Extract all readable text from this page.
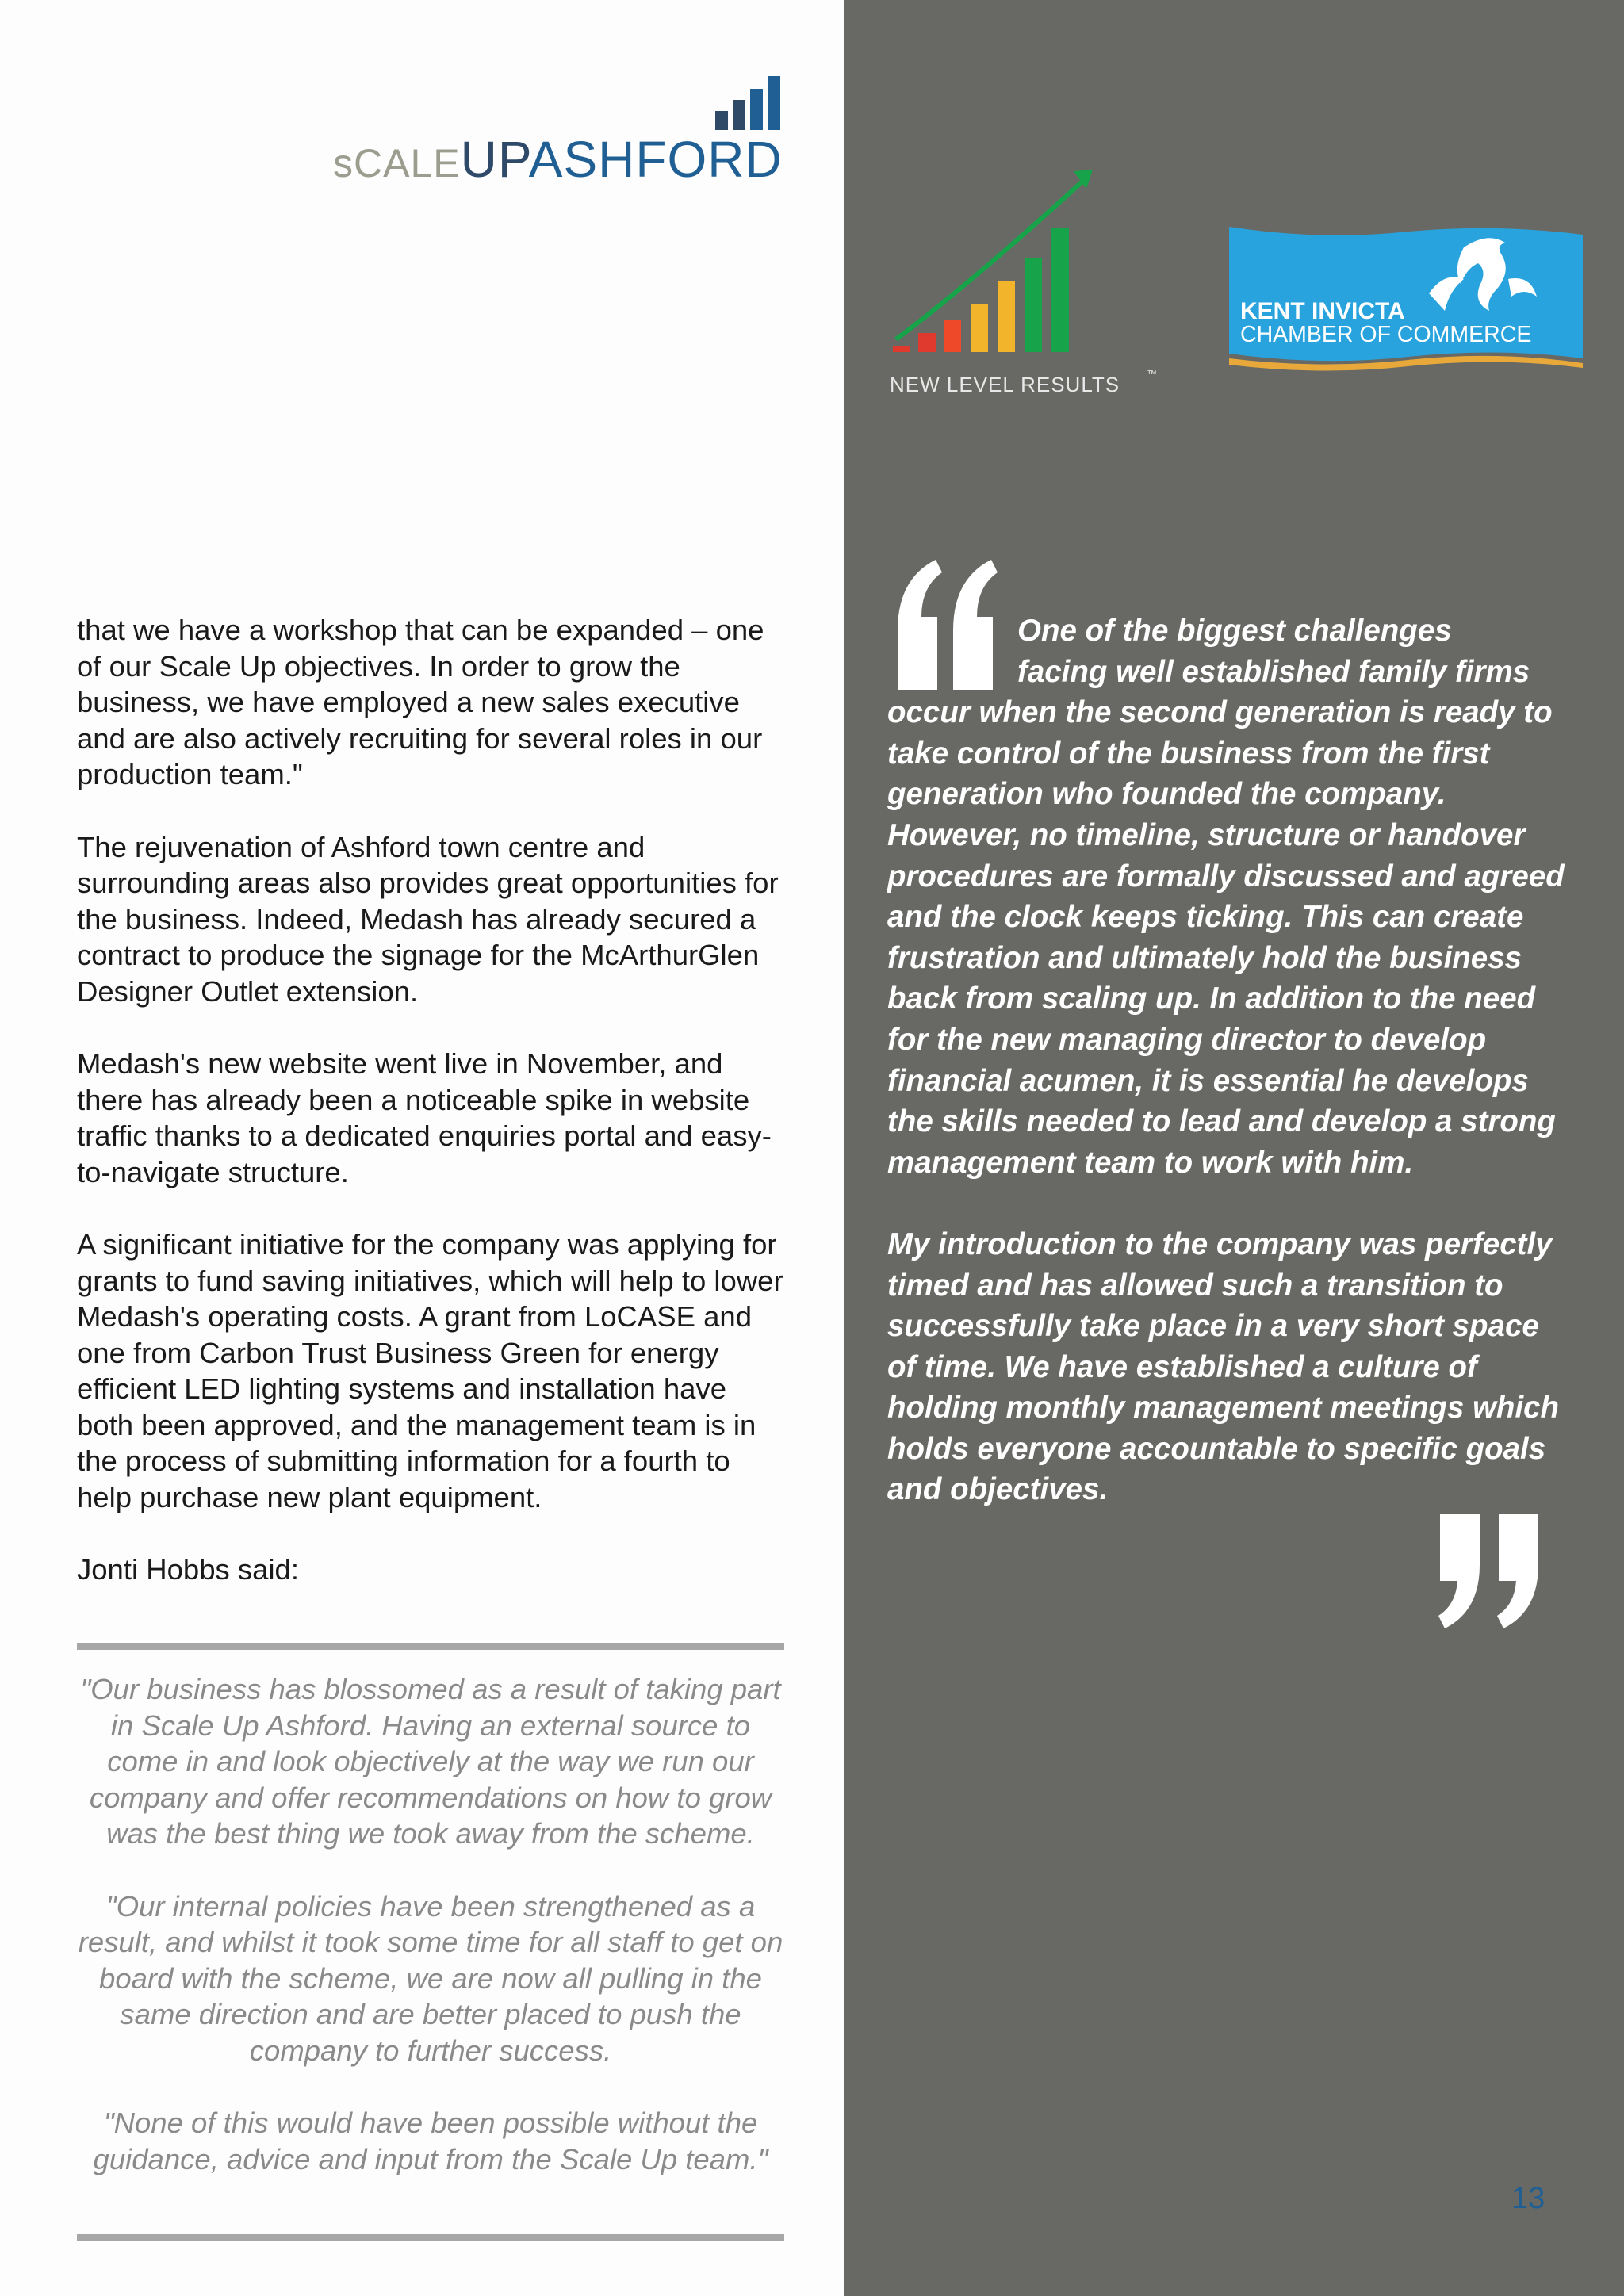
sCALEUPASHFORD

that we have a workshop that can be expanded – one of our Scale Up objectives. In order to grow the business, we have employed a new sales executive and are also actively recruiting for several roles in our production team."

The rejuvenation of Ashford town centre and surrounding areas also provides great opportunities for the business. Indeed, Medash has already secured a contract to produce the signage for the McArthurGlen Designer Outlet extension.

Medash's new website went live in November, and there has already been a noticeable spike in website traffic thanks to a dedicated enquiries portal and easy-to-navigate structure.

A significant initiative for the company was applying for grants to fund saving initiatives, which will help to lower Medash's operating costs. A grant from LoCASE and one from Carbon Trust Business Green for energy efficient LED lighting systems and installation have both been approved, and the management team is in the process of submitting information for a fourth to help purchase new plant equipment.

Jonti Hobbs said:

"Our business has blossomed as a result of taking part in Scale Up Ashford. Having an external source to come in and look objectively at the way we run our company and offer recommendations on how to grow was the best thing we took away from the scheme.

"Our internal policies have been strengthened as a result, and whilst it took some time for all staff to get on board with the scheme, we are now all pulling in the same direction and are better placed to push the company to further success.

"None of this would have been possible without the guidance, advice and input from the Scale Up team."

NEW LEVEL RESULTS	™
KENT INVICTA
CHAMBER OF COMMERCE

One of the biggest challenges
facing well established family firms occur when the second generation is ready to take control of the business from the first generation who founded the company. However, no timeline, structure or handover procedures are formally discussed and agreed and the clock keeps ticking. This can create frustration and ultimately hold the business back from scaling up. In addition to the need for the new managing director to develop financial acumen, it is essential he develops the skills needed to lead and develop a strong management team to work with him.

My introduction to the company was perfectly timed and has allowed such a transition to successfully take place in a very short space of time. We have established a culture of holding monthly management meetings which holds everyone accountable to specific goals and objectives.

13
